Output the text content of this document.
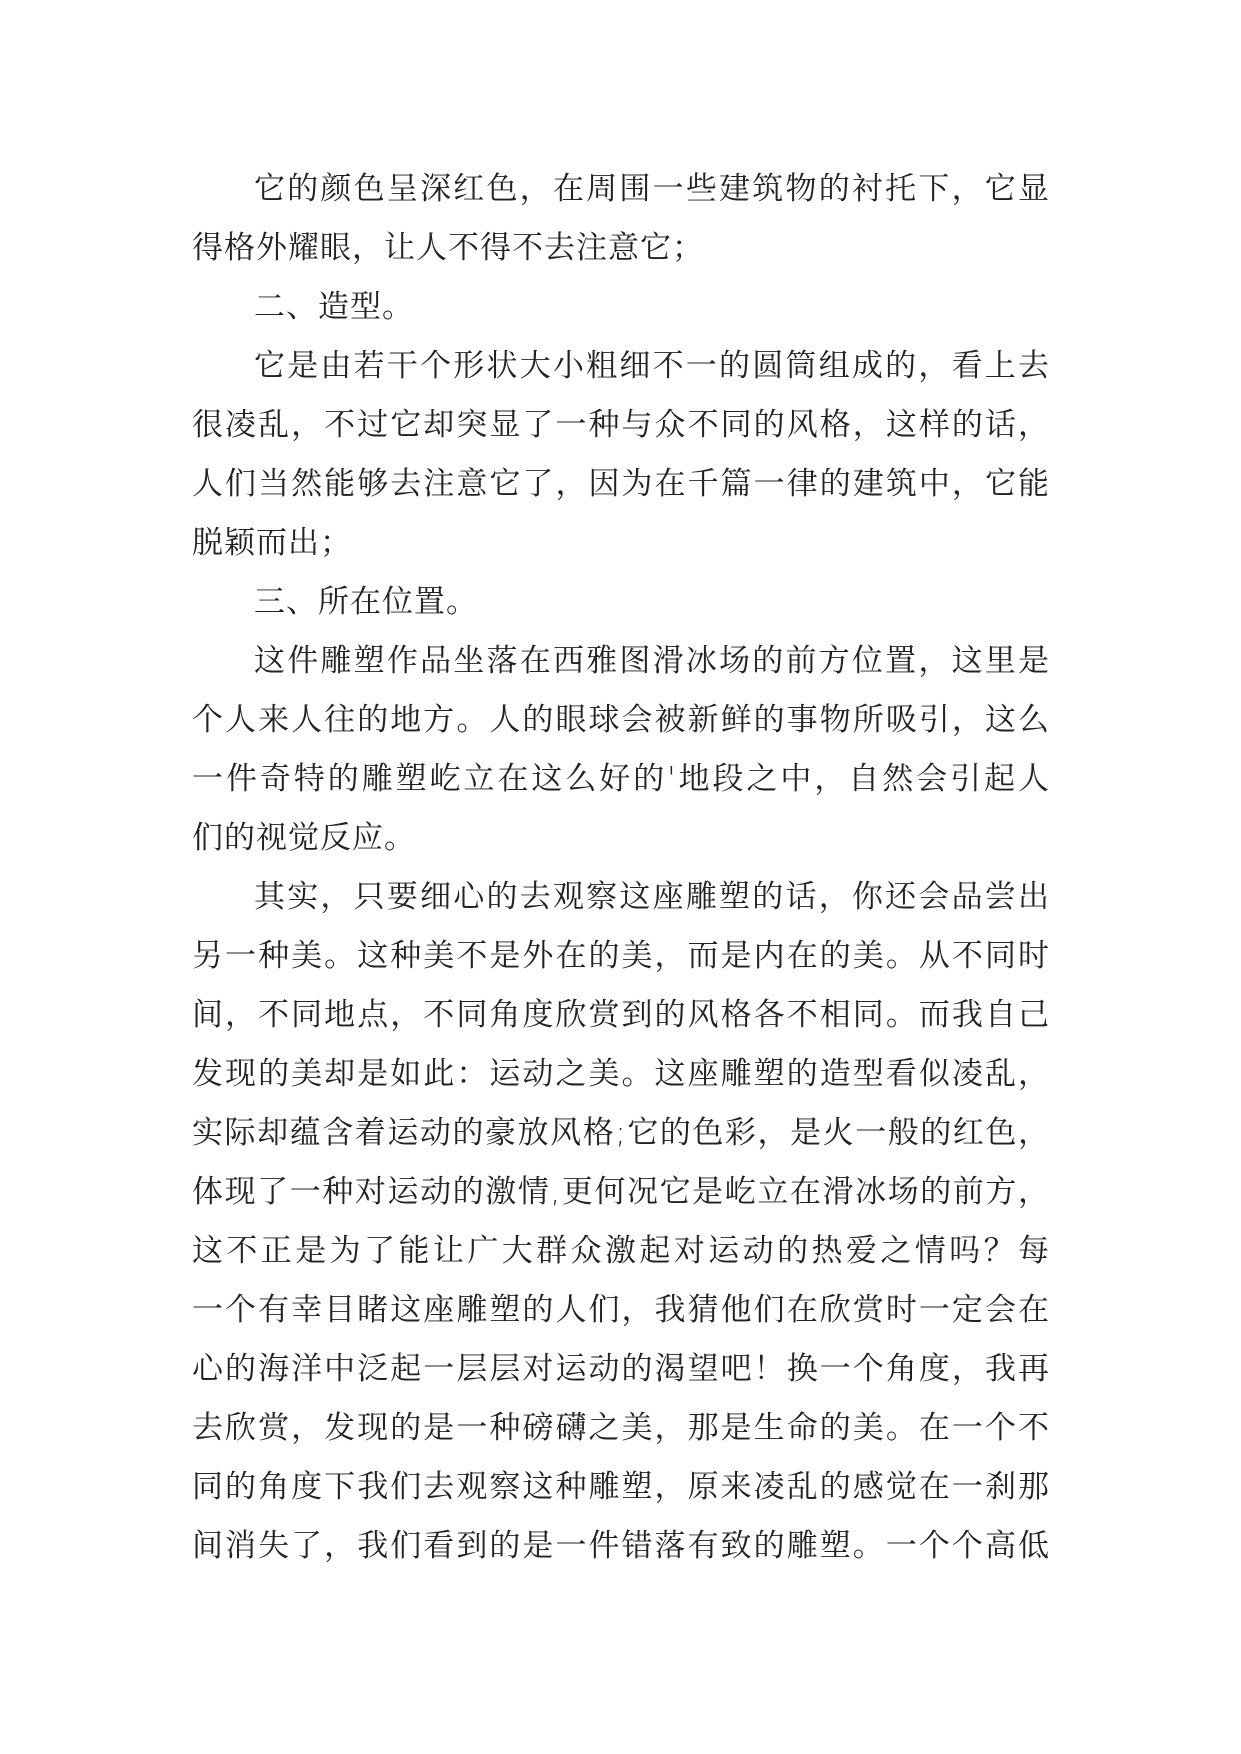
它的颜色呈深红色，在周围一些建筑物的衬托下，它显
得格外耀眼，让人不得不去注意它；
二、造型。
它是由若干个形状大小粗细不一的圆筒组成的，看上去
很凌乱，不过它却突显了一种与众不同的风格，这样的话，
人们当然能够去注意它了，因为在千篇一律的建筑中，它能
脱颖而出；
三、所在位置。
这件雕塑作品坐落在西雅图滑冰场的前方位置，这里是
个人来人往的地方。人的眼球会被新鲜的事物所吸引，这么
一件奇特的雕塑屹立在这么好的'地段之中，自然会引起人
们的视觉反应。
其实，只要细心的去观察这座雕塑的话，你还会品尝出
另一种美。这种美不是外在的美，而是内在的美。从不同时
间，不同地点，不同角度欣赏到的风格各不相同。而我自己
发现的美却是如此：运动之美。这座雕塑的造型看似凌乱，
实际却蕴含着运动的豪放风格;它的色彩，是火一般的红色，
体现了一种对运动的激情,更何况它是屹立在滑冰场的前方，
这不正是为了能让广大群众激起对运动的热爱之情吗？每
一个有幸目睹这座雕塑的人们，我猜他们在欣赏时一定会在
心的海洋中泛起一层层对运动的渴望吧！换一个角度，我再
去欣赏，发现的是一种磅礴之美，那是生命的美。在一个不
同的角度下我们去观察这种雕塑，原来凌乱的感觉在一刹那
间消失了，我们看到的是一件错落有致的雕塑。一个个高低
